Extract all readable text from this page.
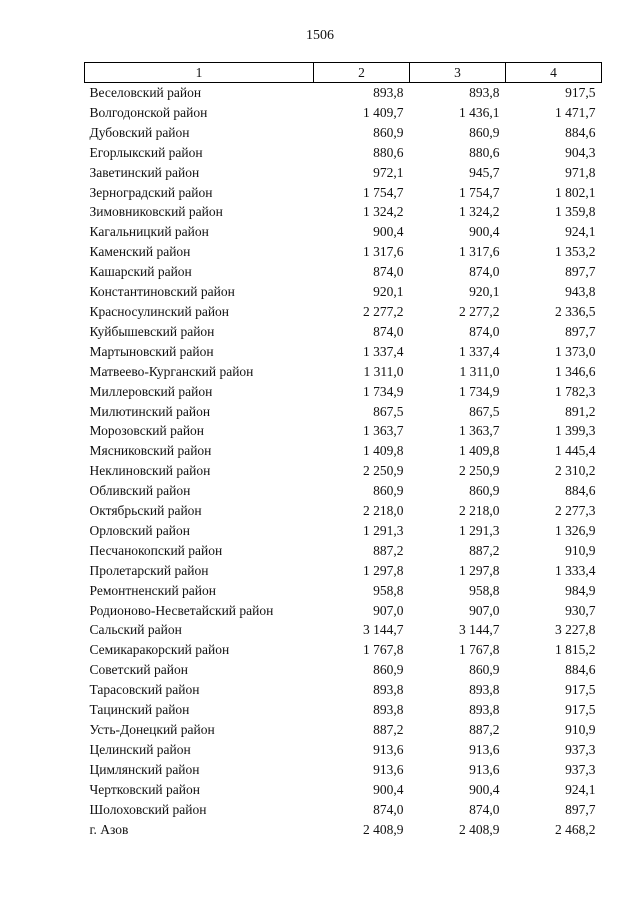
1506
1	2	3	4
Веселовский район	893,8	893,8	917,5
Волгодонской район	1 409,7	1 436,1	1 471,7
Дубовский район	860,9	860,9	884,6
Егорлыкский район	880,6	880,6	904,3
Заветинский район	972,1	945,7	971,8
Зерноградский район	1 754,7	1 754,7	1 802,1
Зимовниковский район	1 324,2	1 324,2	1 359,8
Кагальницкий район	900,4	900,4	924,1
Каменский район	1 317,6	1 317,6	1 353,2
Кашарский район	874,0	874,0	897,7
Константиновский район	920,1	920,1	943,8
Красносулинский район	2 277,2	2 277,2	2 336,5
Куйбышевский район	874,0	874,0	897,7
Мартыновский район	1 337,4	1 337,4	1 373,0
Матвеево-Курганский район	1 311,0	1 311,0	1 346,6
Миллеровский район	1 734,9	1 734,9	1 782,3
Милютинский район	867,5	867,5	891,2
Морозовский район	1 363,7	1 363,7	1 399,3
Мясниковский район	1 409,8	1 409,8	1 445,4
Неклиновский район	2 250,9	2 250,9	2 310,2
Обливский район	860,9	860,9	884,6
Октябрьский район	2 218,0	2 218,0	2 277,3
Орловский район	1 291,3	1 291,3	1 326,9
Песчанокопский район	887,2	887,2	910,9
Пролетарский район	1 297,8	1 297,8	1 333,4
Ремонтненский район	958,8	958,8	984,9
Родионово-Несветайский район	907,0	907,0	930,7
Сальский район	3 144,7	3 144,7	3 227,8
Семикаракорский район	1 767,8	1 767,8	1 815,2
Советский район	860,9	860,9	884,6
Тарасовский район	893,8	893,8	917,5
Тацинский район	893,8	893,8	917,5
Усть-Донецкий район	887,2	887,2	910,9
Целинский район	913,6	913,6	937,3
Цимлянский район	913,6	913,6	937,3
Чертковский район	900,4	900,4	924,1
Шолоховский район	874,0	874,0	897,7
г. Азов	2 408,9	2 408,9	2 468,2
